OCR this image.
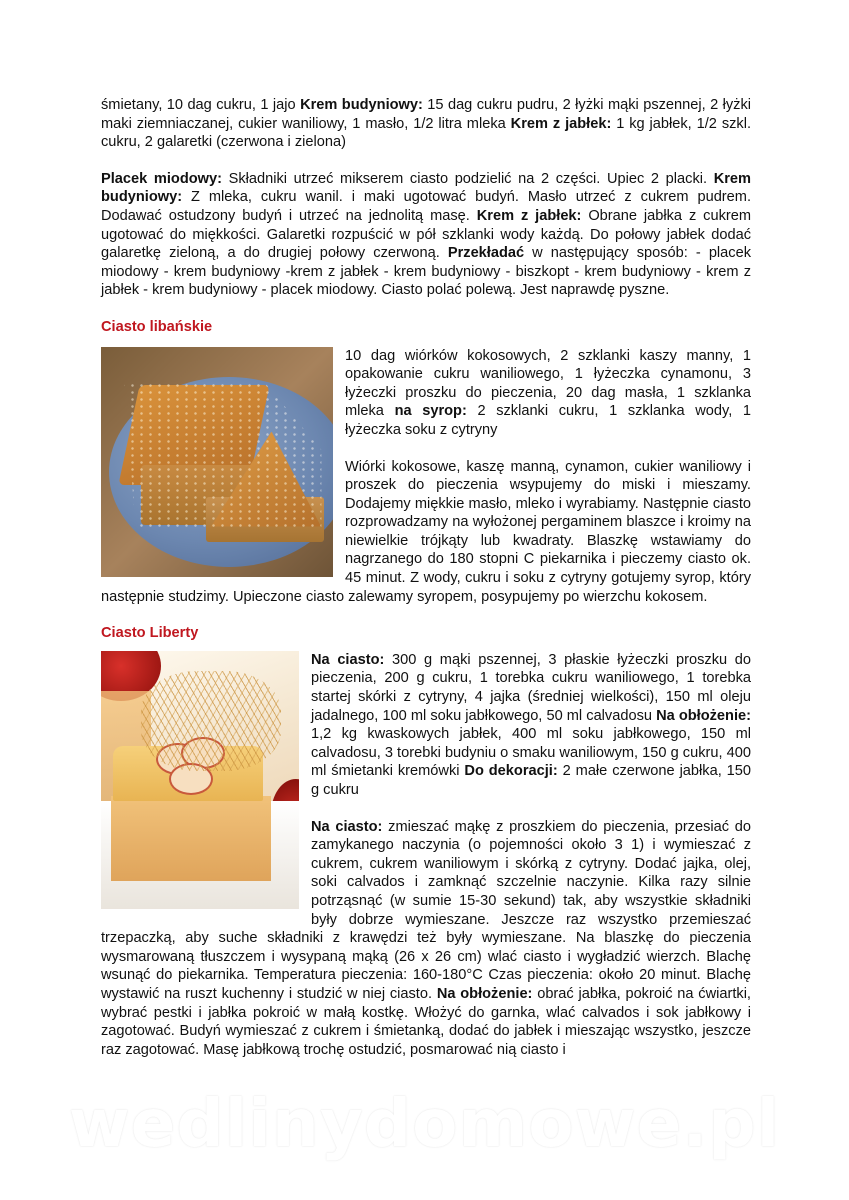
śmietany, 10 dag cukru, 1 jajo Krem budyniowy: 15 dag cukru pudru, 2 łyżki mąki pszennej, 2 łyżki maki ziemniaczanej, cukier waniliowy, 1 masło, 1/2 litra mleka Krem z jabłek: 1 kg jabłek, 1/2 szkl. cukru, 2 galaretki (czerwona i zielona)

Placek miodowy: Składniki utrzeć mikserem ciasto podzielić na 2 części. Upiec 2 placki. Krem budyniowy: Z mleka, cukru wanil. i maki ugotować budyń. Masło utrzeć z cukrem pudrem. Dodawać ostudzony budyń i utrzeć na jednolitą masę. Krem z jabłek: Obrane jabłka z cukrem ugotować do miękkości. Galaretki rozpuścić w pół szklanki wody każdą. Do połowy jabłek dodać galaretkę zieloną, a do drugiej połowy czerwoną. Przekładać w następujący sposób: - placek miodowy - krem budyniowy -krem z jabłek - krem budyniowy - biszkopt - krem budyniowy - krem z jabłek - krem budyniowy - placek miodowy. Ciasto polać polewą. Jest naprawdę pyszne.

Ciasto libańskie

10 dag wiórków kokosowych, 2 szklanki kaszy manny, 1 opakowanie cukru waniliowego, 1 łyżeczka cynamonu, 3 łyżeczki proszku do pieczenia, 20 dag masła, 1 szklanka mleka na syrop: 2 szklanki cukru, 1 szklanka wody, 1 łyżeczka soku z cytryny

Wiórki kokosowe, kaszę manną, cynamon, cukier waniliowy i proszek do pieczenia wsypujemy do miski i mieszamy. Dodajemy miękkie masło, mleko i wyrabiamy. Następnie ciasto rozprowadzamy na wyłożonej pergaminem blaszce i kroimy na niewielkie trójkąty lub kwadraty. Blaszkę wstawiamy do nagrzanego do 180 stopni C piekarnika i pieczemy ciasto ok. 45 minut. Z wody, cukru i soku z cytryny gotujemy syrop, który następnie studzimy. Upieczone ciasto zalewamy syropem, posypujemy po wierzchu kokosem.

Ciasto Liberty

Na ciasto: 300 g mąki pszennej, 3 płaskie łyżeczki proszku do pieczenia, 200 g cukru, 1 torebka cukru waniliowego, 1 torebka startej skórki z cytryny, 4 jajka (średniej wielkości), 150 ml oleju jadalnego, 100 ml soku jabłkowego, 50 ml calvadosu Na obłożenie: 1,2 kg kwaskowych jabłek, 400 ml soku jabłkowego, 150 ml calvadosu, 3 torebki budyniu o smaku waniliowym, 150 g cukru, 400 ml śmietanki kremówki Do dekoracji: 2 małe czerwone jabłka, 150 g cukru

Na ciasto: zmieszać mąkę z proszkiem do pieczenia, przesiać do zamykanego naczynia (o pojemności około 3 1) i wymieszać z cukrem, cukrem waniliowym i skórką z cytryny. Dodać jajka, olej, soki calvados i zamknąć szczelnie naczynie. Kilka razy silnie potrząsnąć (w sumie 15-30 sekund) tak, aby wszystkie składniki były dobrze wymieszane. Jeszcze raz wszystko przemieszać trzepaczką, aby suche składniki z krawędzi też były wymieszane. Na blaszkę do pieczenia wysmarowaną tłuszczem i wysypaną mąką (26 x 26 cm) wlać ciasto i wygładzić wierzch. Blachę wsunąć do piekarnika. Temperatura pieczenia: 160-180°C Czas pieczenia: około 20 minut. Blachę wystawić na ruszt kuchenny i studzić w niej ciasto. Na obłożenie: obrać jabłka, pokroić na ćwiartki, wybrać pestki i jabłka pokroić w małą kostkę. Włożyć do garnka, wlać calvados i sok jabłkowy i zagotować. Budyń wymieszać z cukrem i śmietanką, dodać do jabłek i mieszając wszystko, jeszcze raz zagotować. Masę jabłkową trochę ostudzić, posmarować nią ciasto i

wedlinydomowe.pl
